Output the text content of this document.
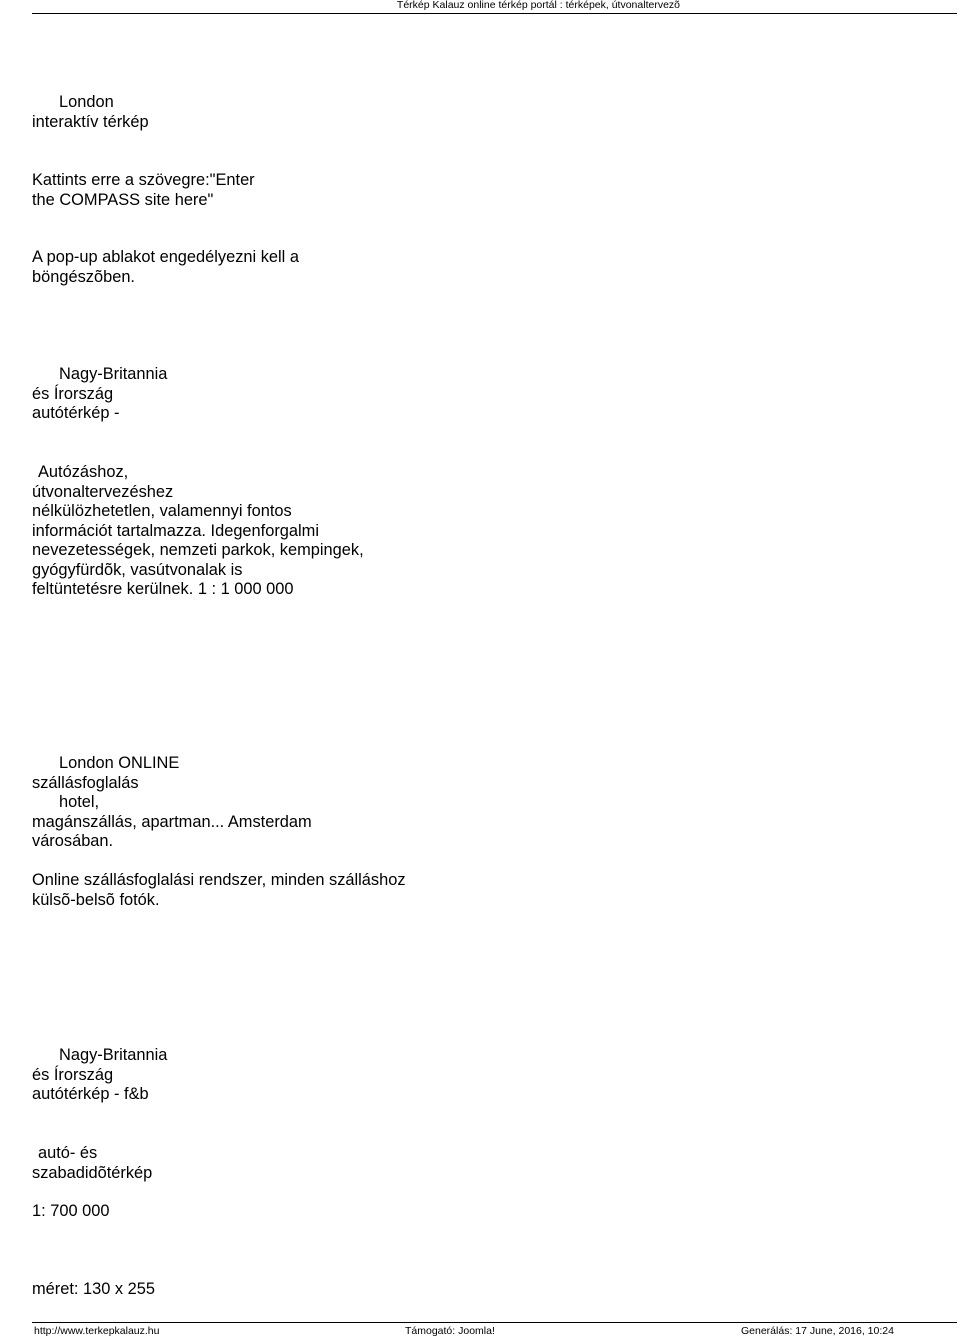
Térkép Kalauz online térkép portál : térképek, útvonaltervezõ
London
interaktív térkép
Kattints erre a szövegre:"Enter
the COMPASS site here"
A pop-up ablakot engedélyezni kell a
böngészõben.
Nagy-Britannia
és Írország
autótérkép -
Autózáshoz,
útvonaltervezéshez
nélkülözhetetlen, valamennyi fontos
információt tartalmazza. Idegenforgalmi
nevezetességek, nemzeti parkok, kempingek,
gyógyfürdõk, vasútvonalak is
feltüntetésre kerülnek. 1 : 1 000 000
London ONLINE
szállásfoglalás
hotel,
magánszállás, apartman... Amsterdam
városában.
Online szállásfoglalási rendszer, minden szálláshoz
külsõ-belsõ fotók.
Nagy-Britannia
és Írország
autótérkép - f&b
autó- és
szabadidõtérkép
1: 700 000
méret: 130 x 255
http://www.terkepkalauz.hu	Támogató: Joomla!	Generálás: 17 June, 2016, 10:24
